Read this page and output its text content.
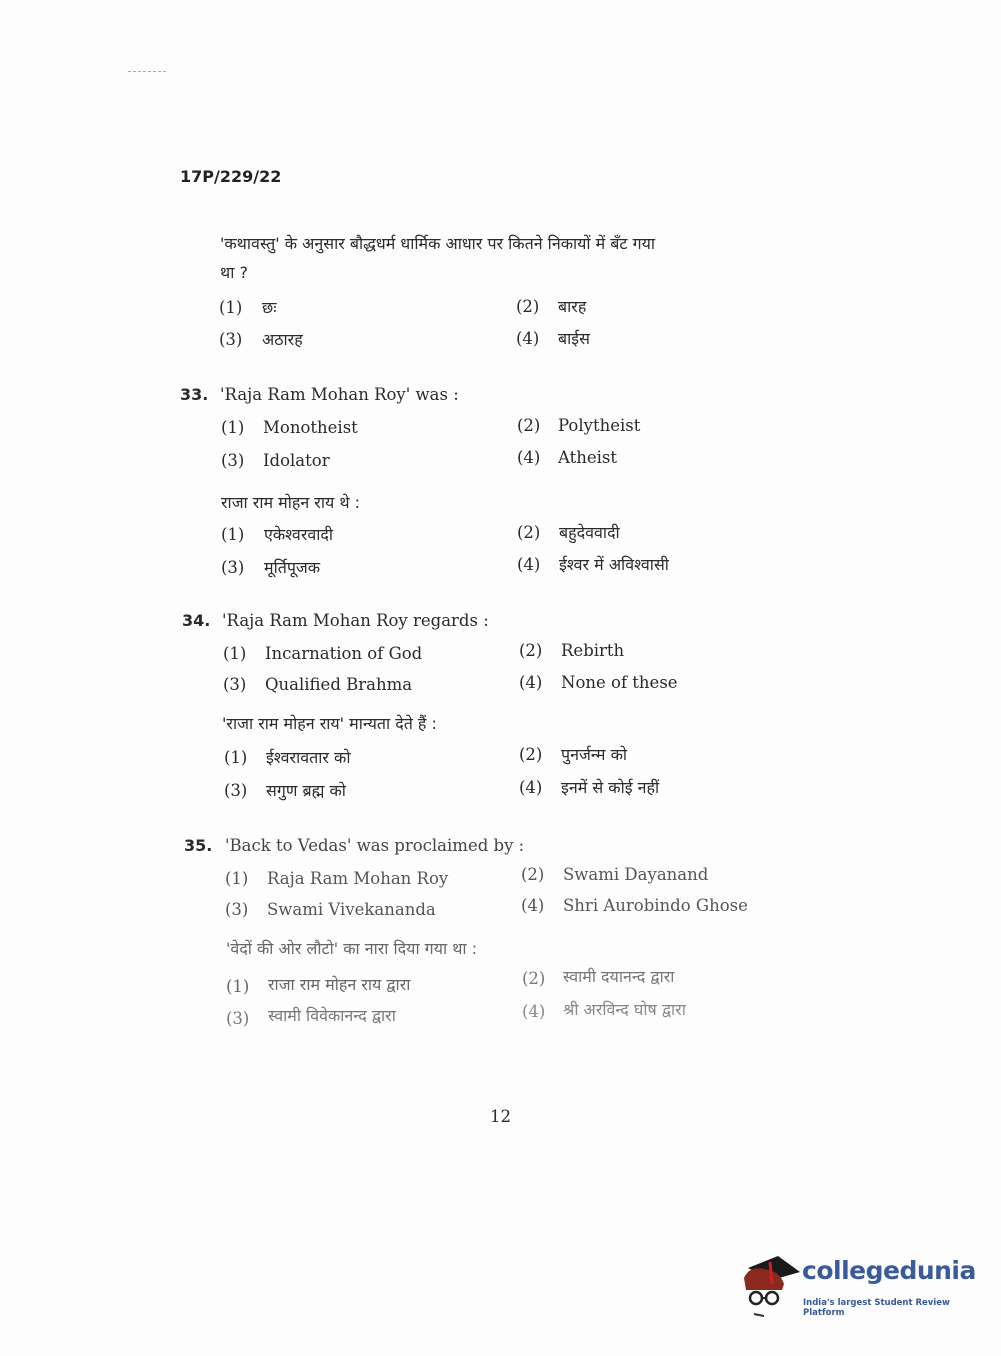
17P/229/22
'कथावस्तु' के अनुसार बौद्धधर्म धार्मिक आधार पर कितने निकायों में बँट गया
था ?
(1) छः	(2) बारह
(3) अठारह	(4) बाईस
33. 'Raja Ram Mohan Roy' was :
(1) Monotheist	(2) Polytheist
(3) Idolator	(4) Atheist
राजा राम मोहन राय थे :
(1) एकेश्वरवादी	(2) बहुदेववादी
(3) मूर्तिपूजक	(4) ईश्वर में अविश्वासी
34. 'Raja Ram Mohan Roy regards :
(1) Incarnation of God	(2) Rebirth
(3) Qualified Brahma	(4) None of these
'राजा राम मोहन राय' मान्यता देते हैं :
(1) ईश्वरावतार को	(2) पुनर्जन्म को
(3) सगुण ब्रह्म को	(4) इनमें से कोई नहीं
35. 'Back to Vedas' was proclaimed by :
(1) Raja Ram Mohan Roy	(2) Swami Dayanand
(3) Swami Vivekananda	(4) Shri Aurobindo Ghose
'वेदों की ओर लौटो' का नारा दिया गया था :
(1) राजा राम मोहन राय द्वारा	(2) स्वामी दयानन्द द्वारा
(3) स्वामी विवेकानन्द द्वारा	(4) श्री अरविन्द घोष द्वारा
12
collegedunia
India's largest Student Review Platform
